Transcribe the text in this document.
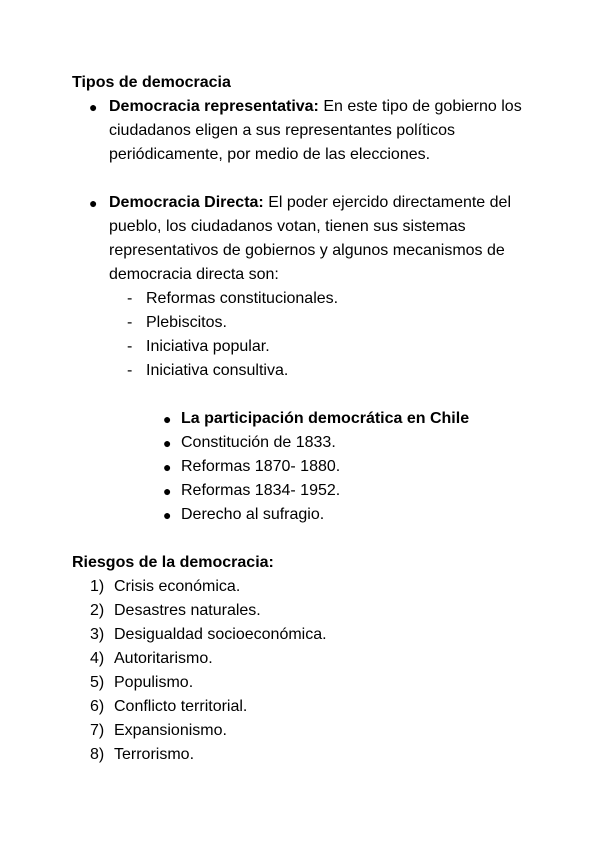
Tipos de democracia
● Democracia representativa: En este tipo de gobierno los ciudadanos eligen a sus representantes políticos periódicamente, por medio de las elecciones.
● Democracia Directa: El poder ejercido directamente del pueblo, los ciudadanos votan, tienen sus sistemas representativos de gobiernos y algunos mecanismos de democracia directa son:
- Reformas constitucionales.
- Plebiscitos.
- Iniciativa popular.
- Iniciativa consultiva.
● La participación democrática en Chile
● Constitución de 1833.
● Reformas 1870- 1880.
● Reformas 1834- 1952.
● Derecho al sufragio.
Riesgos de la democracia:
1) Crisis económica.
2) Desastres naturales.
3) Desigualdad socioeconómica.
4) Autoritarismo.
5) Populismo.
6) Conflicto territorial.
7) Expansionismo.
8) Terrorismo.
